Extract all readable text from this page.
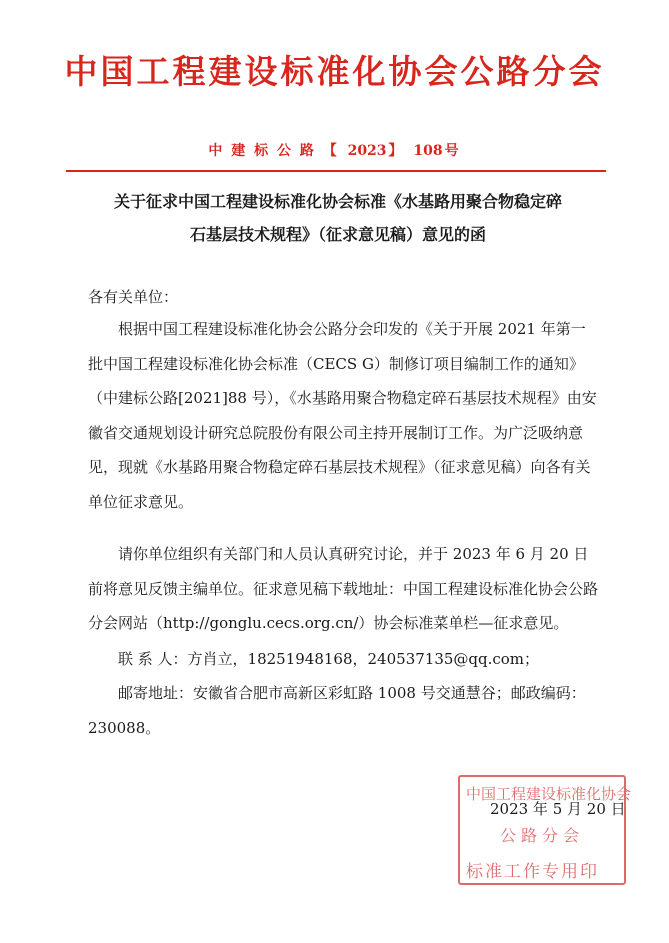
中国工程建设标准化协会公路分会
中 建 标 公 路 【 2023 】 108 号
关于征求中国工程建设标准化协会标准《水基路用聚合物稳定碎
石基层技术规程》（征求意见稿）意见的函
各有关单位：
根据中国工程建设标准化协会公路分会印发的《关于开展 2021 年第一批中国工程建设标准化协会标准（CECS G）制修订项目编制工作的通知》（中建标公路[2021]88 号），《水基路用聚合物稳定碎石基层技术规程》由安徽省交通规划设计研究总院股份有限公司主持开展制订工作。为广泛吸纳意见，现就《水基路用聚合物稳定碎石基层技术规程》（征求意见稿）向各有关单位征求意见。
请你单位组织有关部门和人员认真研究讨论，并于 2023 年 6 月 20 日前将意见反馈主编单位。征求意见稿下载地址：中国工程建设标准化协会公路分会网站（http://gonglu.cecs.org.cn/）协会标准菜单栏—征求意见。
联 系 人：方肖立，18251948168，240537135@qq.com；
邮寄地址：安徽省合肥市高新区彩虹路 1008 号交通慧谷；邮政编码：230088。
中国工程建设标准化协会
公路分会
标准工作专用印
2023 年 5 月 20 日
